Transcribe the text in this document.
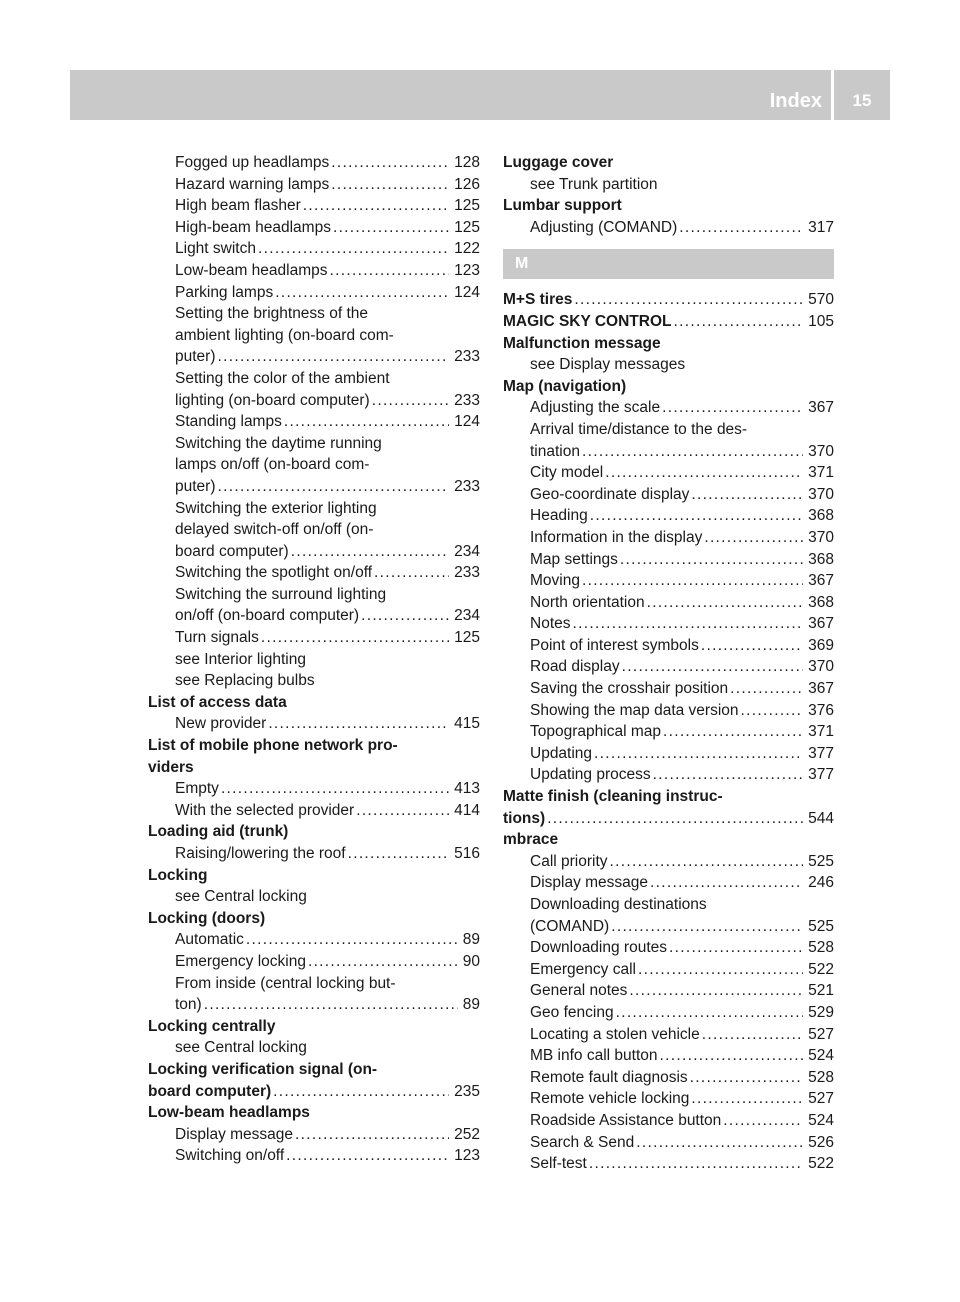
Index	15
Fogged up headlamps . . .	128
Hazard warning lamps . . .	126
High beam flasher . . .	125
High-beam headlamps . . .	125
Light switch . . .	122
Low-beam headlamps . . .	123
Parking lamps . . .	124
Setting the brightness of the
ambient lighting (on-board com-
puter) . . .	233
Setting the color of the ambient
lighting (on-board computer) . . .	233
Standing lamps . . .	124
Switching the daytime running
lamps on/off (on-board com-
puter) . . .	233
Switching the exterior lighting
delayed switch-off on/off (on-
board computer) . . .	234
Switching the spotlight on/off . . .	233
Switching the surround lighting
on/off (on-board computer) . . .	234
Turn signals . . .	125
see Interior lighting
see Replacing bulbs
List of access data
New provider . . .	415
List of mobile phone network pro-
viders
Empty . . .	413
With the selected provider . . .	414
Loading aid (trunk)
Raising/lowering the roof . . .	516
Locking
see Central locking
Locking (doors)
Automatic . . .	89
Emergency locking . . .	90
From inside (central locking but-
ton) . . .	89
Locking centrally
see Central locking
Locking verification signal (on-
board computer) . . .	235
Low-beam headlamps
Display message . . .	252
Switching on/off . . .	123
Luggage cover
see Trunk partition
Lumbar support
Adjusting (COMAND) . . .	317
M
M+S tires . . .	570
MAGIC SKY CONTROL . . .	105
Malfunction message
see Display messages
Map (navigation)
Adjusting the scale . . .	367
Arrival time/distance to the des-
tination . . .	370
City model . . .	371
Geo-coordinate display . . .	370
Heading . . .	368
Information in the display . . .	370
Map settings . . .	368
Moving . . .	367
North orientation . . .	368
Notes . . .	367
Point of interest symbols . . .	369
Road display . . .	370
Saving the crosshair position . . .	367
Showing the map data version . . .	376
Topographical map . . .	371
Updating . . .	377
Updating process . . .	377
Matte finish (cleaning instruc-
tions) . . .	544
mbrace
Call priority . . .	525
Display message . . .	246
Downloading destinations
(COMAND) . . .	525
Downloading routes . . .	528
Emergency call . . .	522
General notes . . .	521
Geo fencing . . .	529
Locating a stolen vehicle . . .	527
MB info call button . . .	524
Remote fault diagnosis . . .	528
Remote vehicle locking . . .	527
Roadside Assistance button . . .	524
Search & Send . . .	526
Self-test . . .	522
